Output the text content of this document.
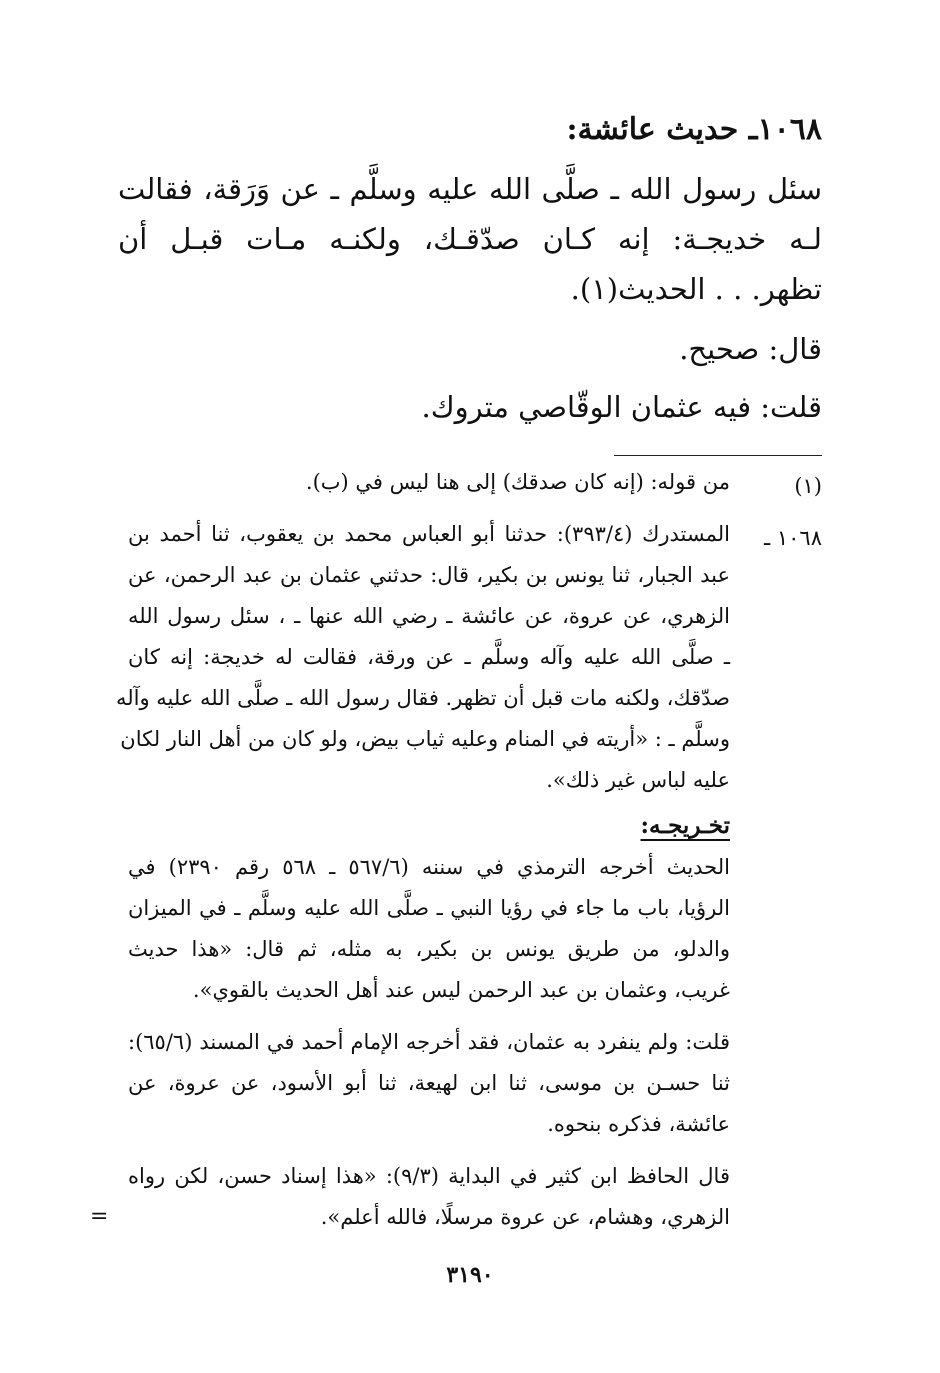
١٠٦٨ـ حديث عائشة:
سئل رسول الله ـ صلَّى الله عليه وسلَّم ـ عن وَرَقة، فقالت
لـه خديجـة: إنه كـان صدّقـك، ولكنـه مـات قبـل أن
تظهر. . . الحديث(١).
قال: صحيح.
قلت: فيه عثمان الوقّاصي متروك.
(١)
من قوله: (إنه كان صدقك) إلى هنا ليس في (ب).
١٠٦٨ ـ
المستدرك (٣٩٣/٤): حدثنا أبو العباس محمد بن يعقوب، ثنا أحمد بن
عبد الجبار، ثنا يونس بن بكير، قال: حدثني عثمان بن عبد الرحمن، عن
الزهري، عن عروة، عن عائشة ـ رضي الله عنها ـ ، سئل رسول الله
ـ صلَّى الله عليه وآله وسلَّم ـ عن ورقة، فقالت له خديجة: إنه كان
صدّقك، ولكنه مات قبل أن تظهر. فقال رسول الله ـ صلَّى الله عليه وآله
وسلَّم ـ : «أريته في المنام وعليه ثياب بيض، ولو كان من أهل النار لكان
عليه لباس غير ذلك».
تخـريجـه:
الحديث أخرجه الترمذي في سننه (٥٦٧/٦ ـ ٥٦٨ رقم ٢٣٩٠) في
الرؤيا، باب ما جاء في رؤيا النبي ـ صلَّى الله عليه وسلَّم ـ في الميزان
والدلو، من طريق يونس بن بكير، به مثله، ثم قال: «هذا حديث
غريب، وعثمان بن عبد الرحمن ليس عند أهل الحديث بالقوي».
قلت: ولم ينفرد به عثمان، فقد أخرجه الإمام أحمد في المسند (٦٥/٦):
ثنا حسـن بن موسى، ثنا ابن لهيعة، ثنا أبو الأسود، عن عروة، عن
عائشة، فذكره بنحوه.
قال الحافظ ابن كثير في البداية (٩/٣): «هذا إسناد حسن، لكن رواه
الزهري، وهشام، عن عروة مرسلًا، فالله أعلم».
=
٣١٩٠
